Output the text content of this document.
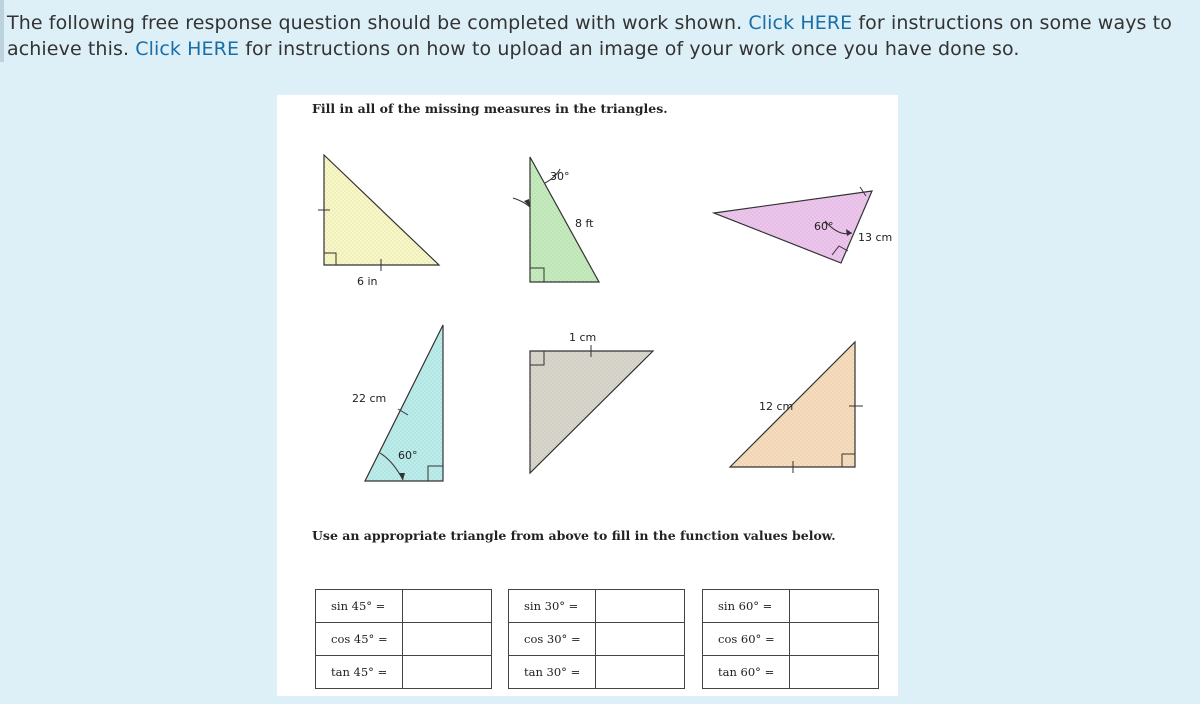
The following free response question should be completed with work shown. Click HERE for instructions on some ways to achieve this. Click HERE for instructions on how to upload an image of your work once you have done so.
Fill in all of the missing measures in the triangles.
6 in
30°
8 ft	60°
13 cm
22 cm
60°
1 cm
12 cm
Use an appropriate triangle from above to fill in the function values below.
sin 45° =	
cos 45° =	
tan 45° =	
sin 30° =	
cos 30° =	
tan 30° =	
sin 60° =	
cos 60° =	
tan 60° =	
